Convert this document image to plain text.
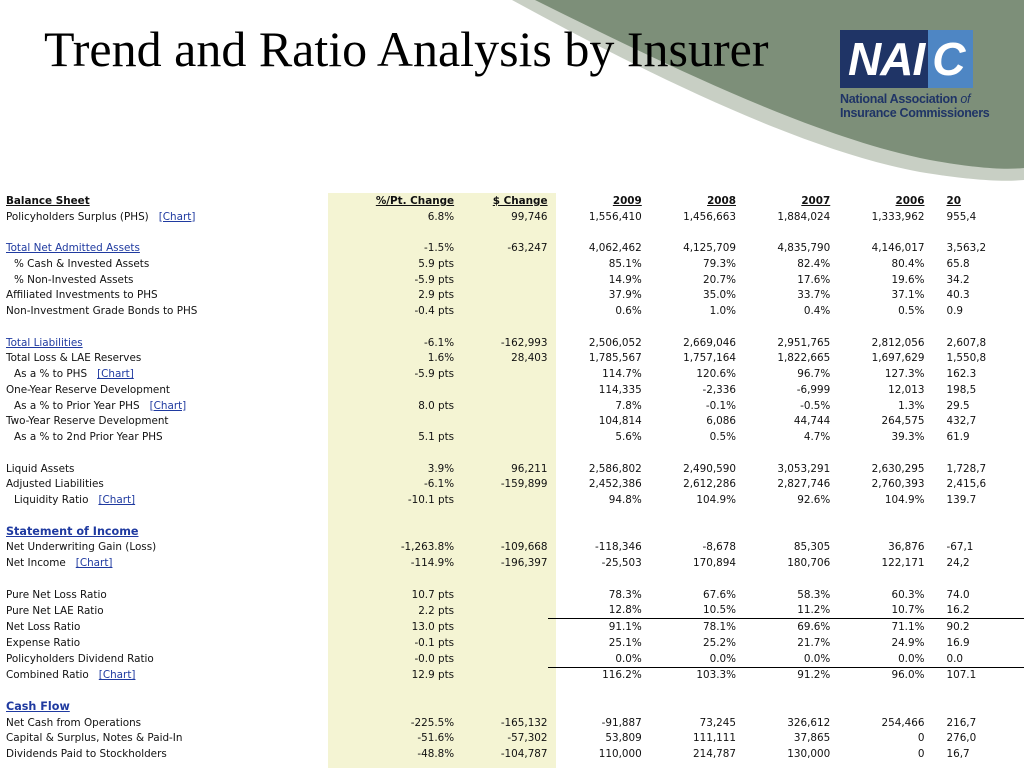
Trend and Ratio Analysis by Insurer	NAI C
National Association of
Insurance Commissioners
Balance Sheet	%/Pt. Change	$ Change	2009	2008	2007	2006	20
Policyholders Surplus (PHS) [Chart]	6.8%	99,746	1,556,410	1,456,663	1,884,024	1,333,962	955,4

Total Net Admitted Assets	-1.5%	-63,247	4,062,462	4,125,709	4,835,790	4,146,017	3,563,2
% Cash & Invested Assets	5.9 pts		85.1%	79.3%	82.4%	80.4%	65.8
% Non-Invested Assets	-5.9 pts		14.9%	20.7%	17.6%	19.6%	34.2
Affiliated Investments to PHS	2.9 pts		37.9%	35.0%	33.7%	37.1%	40.3
Non-Investment Grade Bonds to PHS	-0.4 pts		0.6%	1.0%	0.4%	0.5%	0.9

Total Liabilities	-6.1%	-162,993	2,506,052	2,669,046	2,951,765	2,812,056	2,607,8
Total Loss & LAE Reserves	1.6%	28,403	1,785,567	1,757,164	1,822,665	1,697,629	1,550,8
As a % to PHS [Chart]	-5.9 pts		114.7%	120.6%	96.7%	127.3%	162.3
One-Year Reserve Development			114,335	-2,336	-6,999	12,013	198,5
As a % to Prior Year PHS [Chart]	8.0 pts		7.8%	-0.1%	-0.5%	1.3%	29.5
Two-Year Reserve Development			104,814	6,086	44,744	264,575	432,7
As a % to 2nd Prior Year PHS	5.1 pts		5.6%	0.5%	4.7%	39.3%	61.9

Liquid Assets	3.9%	96,211	2,586,802	2,490,590	3,053,291	2,630,295	1,728,7
Adjusted Liabilities	-6.1%	-159,899	2,452,386	2,612,286	2,827,746	2,760,393	2,415,6
Liquidity Ratio [Chart]	-10.1 pts		94.8%	104.9%	92.6%	104.9%	139.7

Statement of Income							
Net Underwriting Gain (Loss)	-1,263.8%	-109,668	-118,346	-8,678	85,305	36,876	-67,1
Net Income [Chart]	-114.9%	-196,397	-25,503	170,894	180,706	122,171	24,2

Pure Net Loss Ratio	10.7 pts		78.3%	67.6%	58.3%	60.3%	74.0
Pure Net LAE Ratio	2.2 pts		12.8%	10.5%	11.2%	10.7%	16.2
Net Loss Ratio	13.0 pts		91.1%	78.1%	69.6%	71.1%	90.2
Expense Ratio	-0.1 pts		25.1%	25.2%	21.7%	24.9%	16.9
Policyholders Dividend Ratio	-0.0 pts		0.0%	0.0%	0.0%	0.0%	0.0
Combined Ratio [Chart]	12.9 pts		116.2%	103.3%	91.2%	96.0%	107.1

Cash Flow							
Net Cash from Operations	-225.5%	-165,132	-91,887	73,245	326,612	254,466	216,7
Capital & Surplus, Notes & Paid-In	-51.6%	-57,302	53,809	111,111	37,865	0	276,0
Dividends Paid to Stockholders	-48.8%	-104,787	110,000	214,787	130,000	0	16,7
